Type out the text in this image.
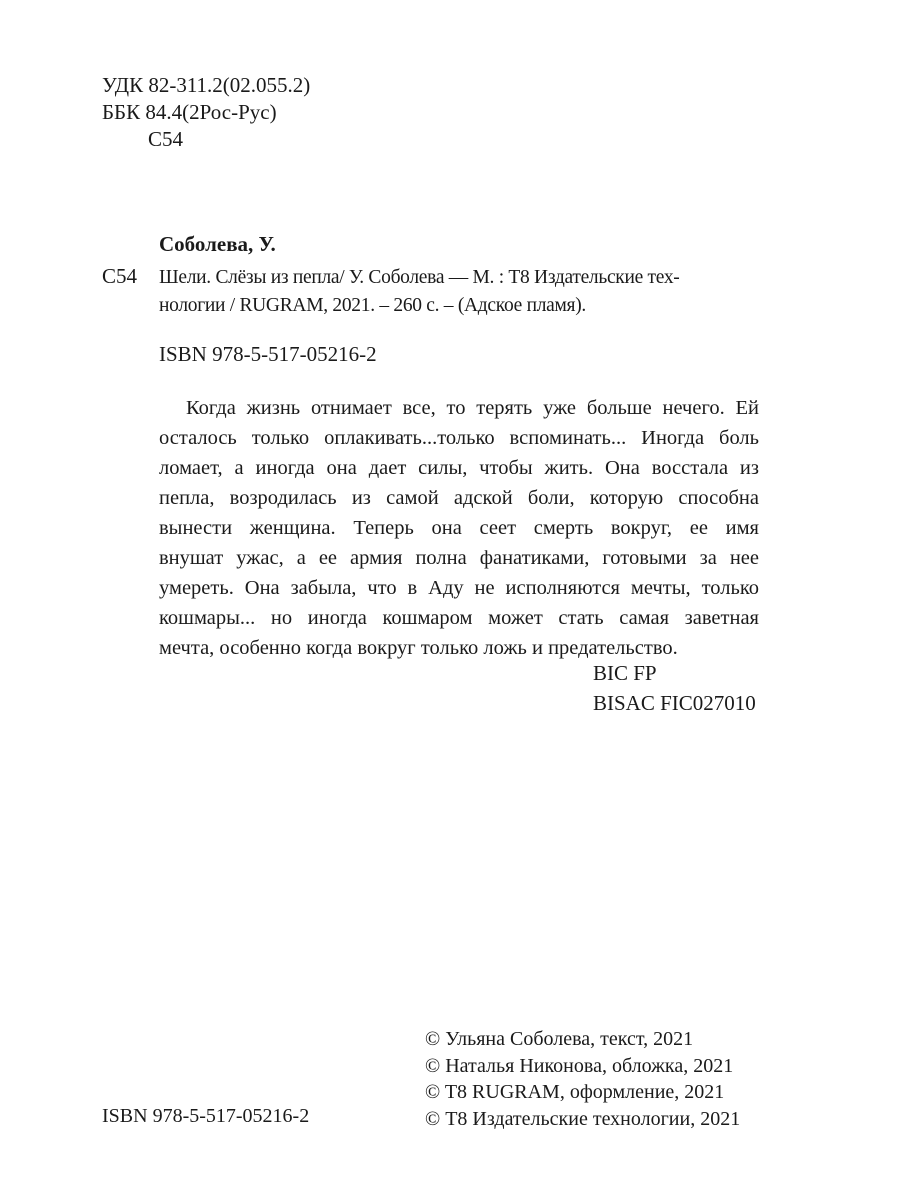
УДК 82-311.2(02.055.2)
ББК 84.4(2Рос-Рус)
С54
Соболева, У.
С54 Шели. Слёзы из пепла/ У. Соболева — М. : Т8 Издательские тех-
нологии / RUGRAM, 2021. – 260 с. – (Адское пламя).
ISBN 978-5-517-05216-2
Когда жизнь отнимает все, то терять уже больше нечего. Ей
осталось только оплакивать...только вспоминать... Иногда боль
ломает, а иногда она дает силы, чтобы жить. Она восстала из
пепла, возродилась из самой адской боли, которую способна
вынести женщина. Теперь она сеет смерть вокруг, ее имя
внушат ужас, а ее армия полна фанатиками, готовыми за нее
умереть. Она забыла, что в Аду не исполняются мечты, только
кошмары... но иногда кошмаром может стать самая заветная
мечта, особенно когда вокруг только ложь и предательство.
BIC FP
BISAC FIC027010
© Ульяна Соболева, текст, 2021
© Наталья Никонова, обложка, 2021
© T8 RUGRAM, оформление, 2021
© Т8 Издательские технологии, 2021
ISBN 978-5-517-05216-2
